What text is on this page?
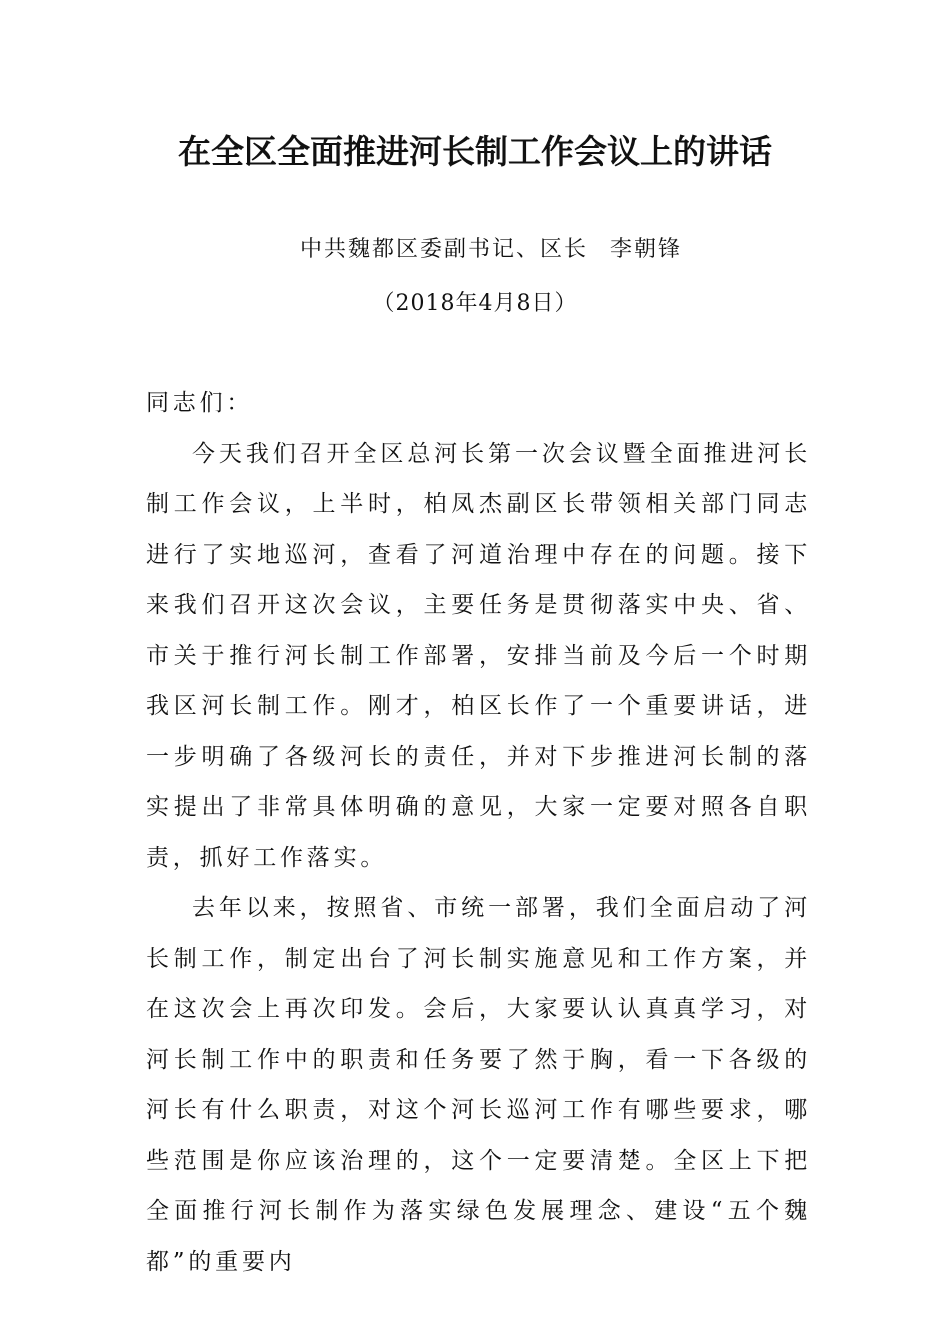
在全区全面推进河长制工作会议上的讲话
中共魏都区委副书记、区长 李朝锋
（2018年4月8日）

同志们：

今天我们召开全区总河长第一次会议暨全面推进河长制工作会议，上半时，柏凤杰副区长带领相关部门同志进行了实地巡河，查看了河道治理中存在的问题。接下来我们召开这次会议，主要任务是贯彻落实中央、省、市关于推行河长制工作部署，安排当前及今后一个时期我区河长制工作。刚才，柏区长作了一个重要讲话，进一步明确了各级河长的责任，并对下步推进河长制的落实提出了非常具体明确的意见，大家一定要对照各自职责，抓好工作落实。

去年以来，按照省、市统一部署，我们全面启动了河长制工作，制定出台了河长制实施意见和工作方案，并在这次会上再次印发。会后，大家要认认真真学习，对河长制工作中的职责和任务要了然于胸，看一下各级的河长有什么职责，对这个河长巡河工作有哪些要求，哪些范围是你应该治理的，这个一定要清楚。全区上下把全面推行河长制作为落实绿色发展理念、建设“五个魏都”的重要内
